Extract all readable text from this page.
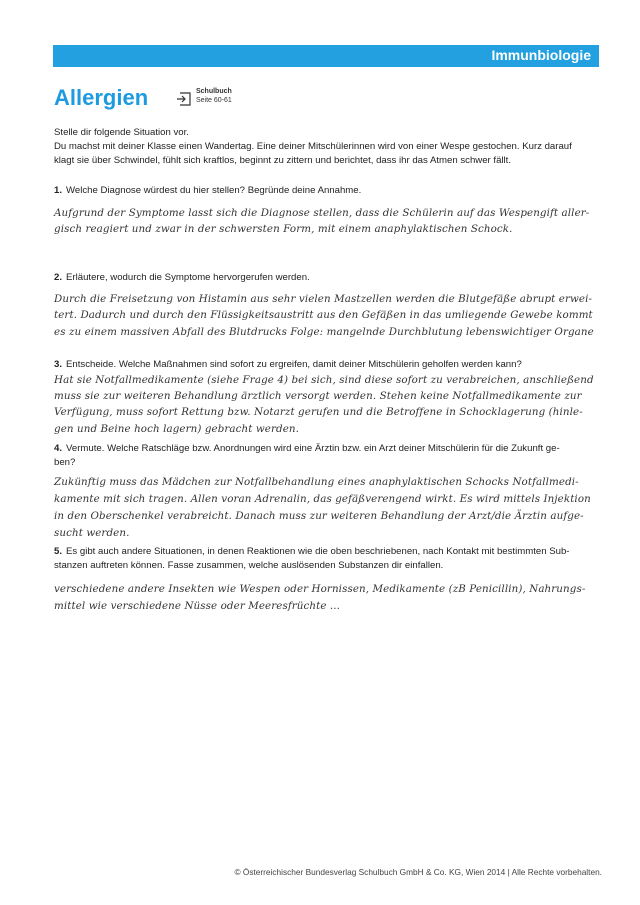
Immunbiologie
Allergien	Schulbuch
Seite 60-61
Stelle dir folgende Situation vor.
Du machst mit deiner Klasse einen Wandertag. Eine deiner Mitschülerinnen wird von einer Wespe gestochen. Kurz darauf
klagt sie über Schwindel, fühlt sich kraftlos, beginnt zu zittern und berichtet, dass ihr das Atmen schwer fällt.
1. Welche Diagnose würdest du hier stellen? Begründe deine Annahme.
Aufgrund der Symptome lasst sich die Diagnose stellen, dass die Schülerin auf das Wespengift aller-
gisch reagiert und zwar in der schwersten Form, mit einem anaphylaktischen Schock.
2. Erläutere, wodurch die Symptome hervorgerufen werden.
Durch die Freisetzung von Histamin aus sehr vielen Mastzellen werden die Blutgefäße abrupt erwei-
tert. Dadurch und durch den Flüssigkeitsaustritt aus den Gefäßen in das umliegende Gewebe kommt
es zu einem massiven Abfall des Blutdrucks Folge: mangelnde Durchblutung lebenswichtiger Organe
3. Entscheide. Welche Maßnahmen sind sofort zu ergreifen, damit deiner Mitschülerin geholfen werden kann?
Hat sie Notfallmedikamente (siehe Frage 4) bei sich, sind diese sofort zu verabreichen, anschließend
muss sie zur weiteren Behandlung ärztlich versorgt werden. Stehen keine Notfallmedikamente zur
Verfügung, muss sofort Rettung bzw. Notarzt gerufen und die Betroffene in Schocklagerung (hinle-
gen und Beine hoch lagern) gebracht werden.
4. Vermute. Welche Ratschläge bzw. Anordnungen wird eine Ärztin bzw. ein Arzt deiner Mitschülerin für die Zukunft ge-
ben?
Zukünftig muss das Mädchen zur Notfallbehandlung eines anaphylaktischen Schocks Notfallmedi-
kamente mit sich tragen. Allen voran Adrenalin, das gefäßverengend wirkt. Es wird mittels Injektion
in den Oberschenkel verabreicht. Danach muss zur weiteren Behandlung der Arzt/die Ärztin aufge-
sucht werden.
5. Es gibt auch andere Situationen, in denen Reaktionen wie die oben beschriebenen, nach Kontakt mit bestimmten Sub-
stanzen auftreten können. Fasse zusammen, welche auslösenden Substanzen dir einfallen.
verschiedene andere Insekten wie Wespen oder Hornissen, Medikamente (zB Penicillin), Nahrungs-
mittel wie verschiedene Nüsse oder Meeresfrüchte ...
© Österreichischer Bundesverlag Schulbuch GmbH & Co. KG, Wien 2014 | Alle Rechte vorbehalten.
